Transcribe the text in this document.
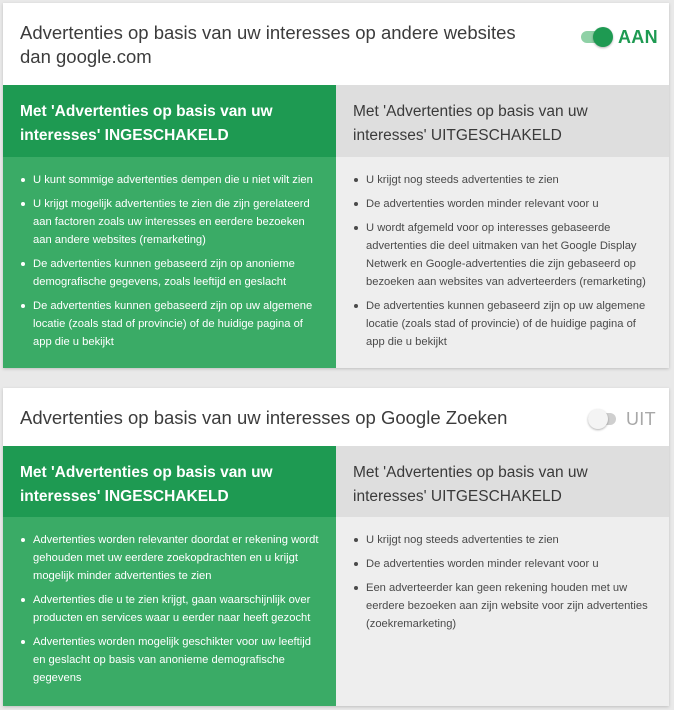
Advertenties op basis van uw interesses op andere websites dan google.com
AAN
Met 'Advertenties op basis van uw interesses' INGESCHAKELD
U kunt sommige advertenties dempen die u niet wilt zien
U krijgt mogelijk advertenties te zien die zijn gerelateerd aan factoren zoals uw interesses en eerdere bezoeken aan andere websites (remarketing)
De advertenties kunnen gebaseerd zijn op anonieme demografische gegevens, zoals leeftijd en geslacht
De advertenties kunnen gebaseerd zijn op uw algemene locatie (zoals stad of provincie) of de huidige pagina of app die u bekijkt
Met 'Advertenties op basis van uw interesses' UITGESCHAKELD
U krijgt nog steeds advertenties te zien
De advertenties worden minder relevant voor u
U wordt afgemeld voor op interesses gebaseerde advertenties die deel uitmaken van het Google Display Netwerk en Google-advertenties die zijn gebaseerd op bezoeken aan websites van adverteerders (remarketing)
De advertenties kunnen gebaseerd zijn op uw algemene locatie (zoals stad of provincie) of de huidige pagina of app die u bekijkt
Advertenties op basis van uw interesses op Google Zoeken	UIT
Met 'Advertenties op basis van uw interesses' INGESCHAKELD
Advertenties worden relevanter doordat er rekening wordt gehouden met uw eerdere zoekopdrachten en u krijgt mogelijk minder advertenties te zien
Advertenties die u te zien krijgt, gaan waarschijnlijk over producten en services waar u eerder naar heeft gezocht
Advertenties worden mogelijk geschikter voor uw leeftijd en geslacht op basis van anonieme demografische gegevens
Met 'Advertenties op basis van uw interesses' UITGESCHAKELD
U krijgt nog steeds advertenties te zien
De advertenties worden minder relevant voor u
Een adverteerder kan geen rekening houden met uw eerdere bezoeken aan zijn website voor zijn advertenties (zoekremarketing)
